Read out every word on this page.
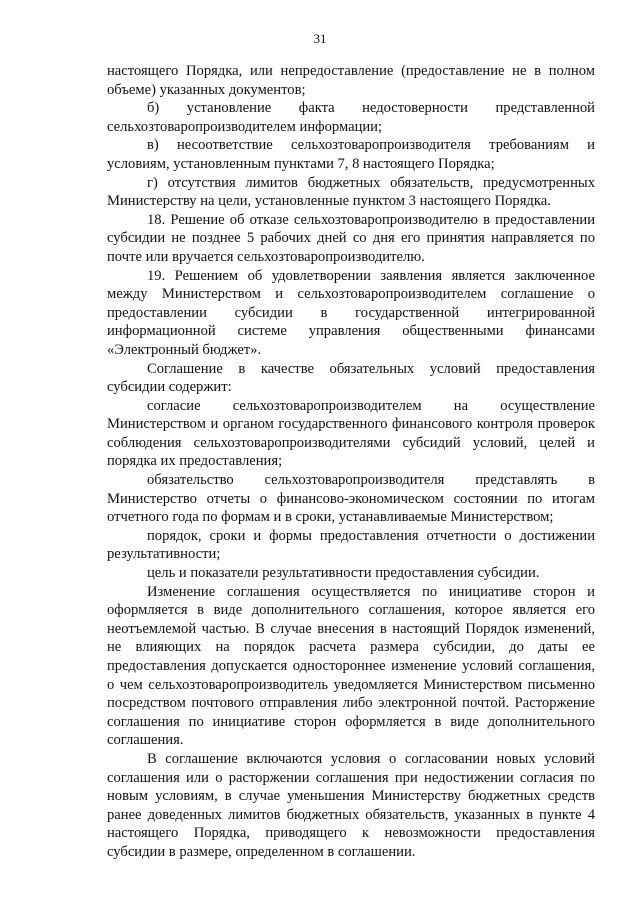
31

настоящего Порядка, или непредоставление (предоставление не в полном объеме) указанных документов;

б) установление факта недостоверности представленной сельхозтоваропроизводителем информации;

в) несоответствие сельхозтоваропроизводителя требованиям и условиям, установленным пунктами 7, 8 настоящего Порядка;

г) отсутствия лимитов бюджетных обязательств, предусмотренных Министерству на цели, установленные пунктом 3 настоящего Порядка.

18. Решение об отказе сельхозтоваропроизводителю в предоставлении субсидии не позднее 5 рабочих дней со дня его принятия направляется по почте или вручается сельхозтоваропроизводителю.

19. Решением об удовлетворении заявления является заключенное между Министерством и сельхозтоваропроизводителем соглашение о предоставлении субсидии в государственной интегрированной информационной системе управления общественными финансами «Электронный бюджет».

Соглашение в качестве обязательных условий предоставления субсидии содержит:

согласие сельхозтоваропроизводителем на осуществление Министерством и органом государственного финансового контроля проверок соблюдения сельхозтоваропроизводителями субсидий условий, целей и порядка их предоставления;

обязательство сельхозтоваропроизводителя представлять в Министерство отчеты о финансово-экономическом состоянии по итогам отчетного года по формам и в сроки, устанавливаемые Министерством;

порядок, сроки и формы предоставления отчетности о достижении результативности;

цель и показатели результативности предоставления субсидии.

Изменение соглашения осуществляется по инициативе сторон и оформляется в виде дополнительного соглашения, которое является его неотъемлемой частью. В случае внесения в настоящий Порядок изменений, не влияющих на порядок расчета размера субсидии, до даты ее предоставления допускается одностороннее изменение условий соглашения, о чем сельхозтоваропроизводитель уведомляется Министерством письменно посредством почтового отправления либо электронной почтой. Расторжение соглашения по инициативе сторон оформляется в виде дополнительного соглашения.

В соглашение включаются условия о согласовании новых условий соглашения или о расторжении соглашения при недостижении согласия по новым условиям, в случае уменьшения Министерству бюджетных средств ранее доведенных лимитов бюджетных обязательств, указанных в пункте 4 настоящего Порядка, приводящего к невозможности предоставления субсидии в размере, определенном в соглашении.
